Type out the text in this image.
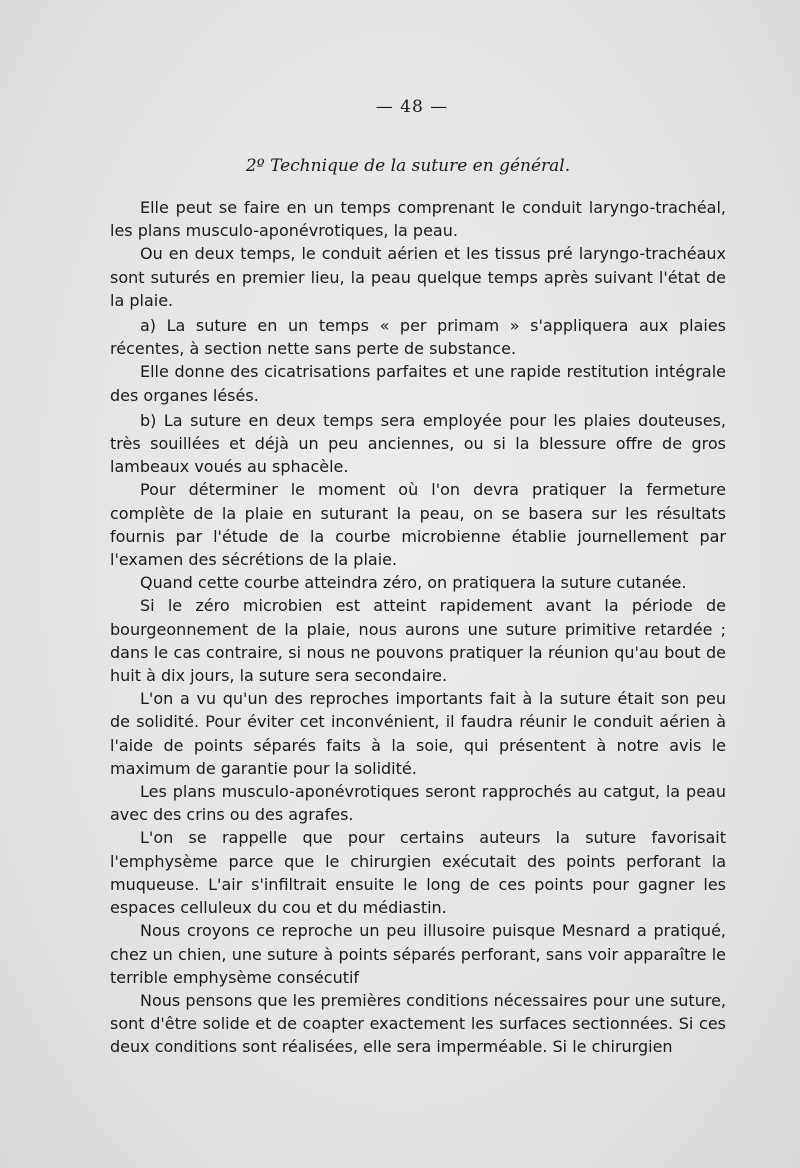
— 48 —
2º Technique de la suture en général.

Elle peut se faire en un temps comprenant le conduit laryngo-trachéal, les plans musculo-aponévrotiques, la peau.

Ou en deux temps, le conduit aérien et les tissus pré laryngo-trachéaux sont suturés en premier lieu, la peau quelque temps après suivant l'état de la plaie.

a) La suture en un temps « per primam » s'appliquera aux plaies récentes, à section nette sans perte de substance.

Elle donne des cicatrisations parfaites et une rapide restitution intégrale des organes lésés.

b) La suture en deux temps sera employée pour les plaies douteuses, très souillées et déjà un peu anciennes, ou si la blessure offre de gros lambeaux voués au sphacèle.

Pour déterminer le moment où l'on devra pratiquer la fermeture complète de la plaie en suturant la peau, on se basera sur les résultats fournis par l'étude de la courbe microbienne établie journellement par l'examen des sécrétions de la plaie.

Quand cette courbe atteindra zéro, on pratiquera la suture cutanée.

Si le zéro microbien est atteint rapidement avant la période de bourgeonnement de la plaie, nous aurons une suture primitive retardée ; dans le cas contraire, si nous ne pouvons pratiquer la réunion qu'au bout de huit à dix jours, la suture sera secondaire.

L'on a vu qu'un des reproches importants fait à la suture était son peu de solidité. Pour éviter cet inconvénient, il faudra réunir le conduit aérien à l'aide de points séparés faits à la soie, qui présentent à notre avis le maximum de garantie pour la solidité.

Les plans musculo-aponévrotiques seront rapprochés au catgut, la peau avec des crins ou des agrafes.

L'on se rappelle que pour certains auteurs la suture favorisait l'emphysème parce que le chirurgien exécutait des points perforant la muqueuse. L'air s'infiltrait ensuite le long de ces points pour gagner les espaces celluleux du cou et du médiastin.

Nous croyons ce reproche un peu illusoire puisque Mesnard a pratiqué, chez un chien, une suture à points séparés perforant, sans voir apparaître le terrible emphysème consécutif

Nous pensons que les premières conditions nécessaires pour une suture, sont d'être solide et de coapter exactement les surfaces sectionnées. Si ces deux conditions sont réalisées, elle sera imperméable. Si le chirurgien
